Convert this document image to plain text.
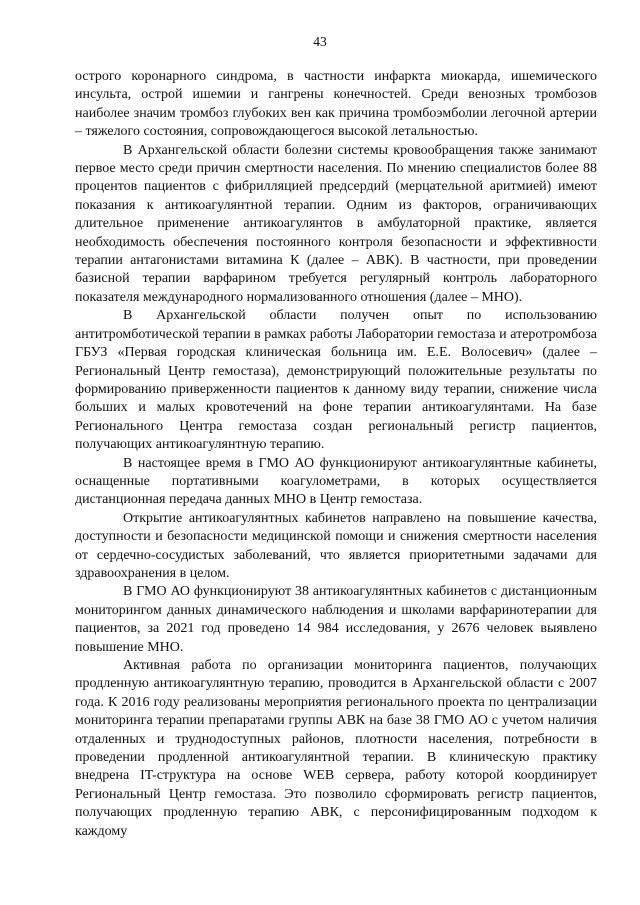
43

острого коронарного синдрома, в частности инфаркта миокарда, ишемического инсульта, острой ишемии и гангрены конечностей. Среди венозных тромбозов наиболее значим тромбоз глубоких вен как причина тромбоэмболии легочной артерии – тяжелого состояния, сопровождающегося высокой летальностью.

В Архангельской области болезни системы кровообращения также занимают первое место среди причин смертности населения. По мнению специалистов более 88 процентов пациентов с фибрилляцией предсердий (мерцательной аритмией) имеют показания к антикоагулянтной терапии. Одним из факторов, ограничивающих длительное применение антикоагулянтов в амбулаторной практике, является необходимость обеспечения постоянного контроля безопасности и эффективности терапии антагонистами витамина К (далее – АВК). В частности, при проведении базисной терапии варфарином требуется регулярный контроль лабораторного показателя международного нормализованного отношения (далее – МНО).

В Архангельской области получен опыт по использованию антитромботической терапии в рамках работы Лаборатории гемостаза и атеротромбоза ГБУЗ «Первая городская клиническая больница им. Е.Е. Волосевич» (далее – Региональный Центр гемостаза), демонстрирующий положительные результаты по формированию приверженности пациентов к данному виду терапии, снижение числа больших и малых кровотечений на фоне терапии антикоагулянтами. На базе Регионального Центра гемостаза создан региональный регистр пациентов, получающих антикоагулянтную терапию.

В настоящее время в ГМО АО функционируют антикоагулянтные кабинеты, оснащенные портативными коагулометрами, в которых осуществляется дистанционная передача данных МНО в Центр гемостаза.

Открытие антикоагулянтных кабинетов направлено на повышение качества, доступности и безопасности медицинской помощи и снижения смертности населения от сердечно-сосудистых заболеваний, что является приоритетными задачами для здравоохранения в целом.

В ГМО АО функционируют 38 антикоагулянтных кабинетов с дистанционным мониторингом данных динамического наблюдения и школами варфаринотерапии для пациентов, за 2021 год проведено 14 984 исследования, у 2676 человек выявлено повышение МНО.

Активная работа по организации мониторинга пациентов, получающих продленную антикоагулянтную терапию, проводится в Архангельской области с 2007 года. К 2016 году реализованы мероприятия регионального проекта по централизации мониторинга терапии препаратами группы АВК на базе 38 ГМО АО с учетом наличия отдаленных и труднодоступных районов, плотности населения, потребности в проведении продленной антикоагулянтной терапии. В клиническую практику внедрена IT-структура на основе WEB сервера, работу которой координирует Региональный Центр гемостаза. Это позволило сформировать регистр пациентов, получающих продленную терапию АВК, с персонифицированным подходом к каждому
